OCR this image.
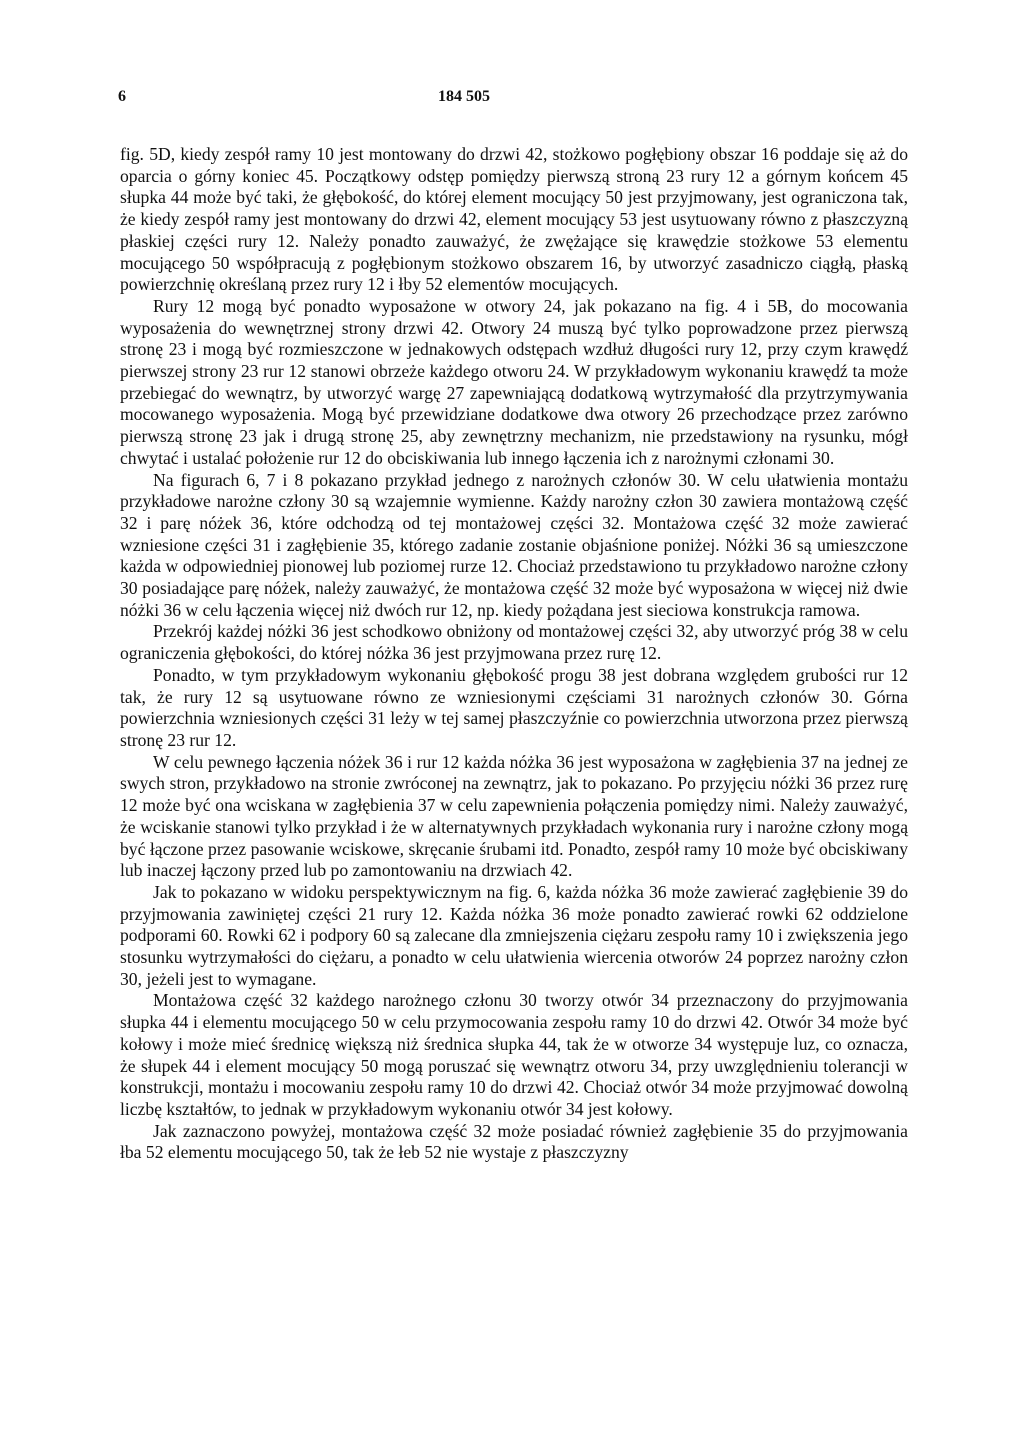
6	184 505

fig. 5D, kiedy zespół ramy 10 jest montowany do drzwi 42, stożkowo pogłębiony obszar 16 poddaje się aż do oparcia o górny koniec 45. Początkowy odstęp pomiędzy pierwszą stroną 23 rury 12 a górnym końcem 45 słupka 44 może być taki, że głębokość, do której element mocujący 50 jest przyjmowany, jest ograniczona tak, że kiedy zespół ramy jest montowany do drzwi 42, element mocujący 53 jest usytuowany równo z płaszczyzną płaskiej części rury 12. Należy ponadto zauważyć, że zwężające się krawędzie stożkowe 53 elementu mocującego 50 współpracują z pogłębionym stożkowo obszarem 16, by utworzyć zasadniczo ciągłą, płaską powierzchnię określaną przez rury 12 i łby 52 elementów mocujących.

Rury 12 mogą być ponadto wyposażone w otwory 24, jak pokazano na fig. 4 i 5B, do mocowania wyposażenia do wewnętrznej strony drzwi 42. Otwory 24 muszą być tylko poprowadzone przez pierwszą stronę 23 i mogą być rozmieszczone w jednakowych odstępach wzdłuż długości rury 12, przy czym krawędź pierwszej strony 23 rur 12 stanowi obrzeże każdego otworu 24. W przykładowym wykonaniu krawędź ta może przebiegać do wewnątrz, by utworzyć wargę 27 zapewniającą dodatkową wytrzymałość dla przytrzymywania mocowanego wyposażenia. Mogą być przewidziane dodatkowe dwa otwory 26 przechodzące przez zarówno pierwszą stronę 23 jak i drugą stronę 25, aby zewnętrzny mechanizm, nie przedstawiony na rysunku, mógł chwytać i ustalać położenie rur 12 do obciskiwania lub innego łączenia ich z narożnymi członami 30.

Na figurach 6, 7 i 8 pokazano przykład jednego z narożnych członów 30. W celu ułatwienia montażu przykładowe narożne człony 30 są wzajemnie wymienne. Każdy narożny człon 30 zawiera montażową część 32 i parę nóżek 36, które odchodzą od tej montażowej części 32. Montażowa część 32 może zawierać wzniesione części 31 i zagłębienie 35, którego zadanie zostanie objaśnione poniżej. Nóżki 36 są umieszczone każda w odpowiedniej pionowej lub poziomej rurze 12. Chociaż przedstawiono tu przykładowo narożne człony 30 posiadające parę nóżek, należy zauważyć, że montażowa część 32 może być wyposażona w więcej niż dwie nóżki 36 w celu łączenia więcej niż dwóch rur 12, np. kiedy pożądana jest sieciowa konstrukcja ramowa.

Przekrój każdej nóżki 36 jest schodkowo obniżony od montażowej części 32, aby utworzyć próg 38 w celu ograniczenia głębokości, do której nóżka 36 jest przyjmowana przez rurę 12.

Ponadto, w tym przykładowym wykonaniu głębokość progu 38 jest dobrana względem grubości rur 12 tak, że rury 12 są usytuowane równo ze wzniesionymi częściami 31 narożnych członów 30. Górna powierzchnia wzniesionych części 31 leży w tej samej płaszczyźnie co powierzchnia utworzona przez pierwszą stronę 23 rur 12.

W celu pewnego łączenia nóżek 36 i rur 12 każda nóżka 36 jest wyposażona w zagłębienia 37 na jednej ze swych stron, przykładowo na stronie zwróconej na zewnątrz, jak to pokazano. Po przyjęciu nóżki 36 przez rurę 12 może być ona wciskana w zagłębienia 37 w celu zapewnienia połączenia pomiędzy nimi. Należy zauważyć, że wciskanie stanowi tylko przykład i że w alternatywnych przykładach wykonania rury i narożne człony mogą być łączone przez pasowanie wciskowe, skręcanie śrubami itd. Ponadto, zespół ramy 10 może być obciskiwany lub inaczej łączony przed lub po zamontowaniu na drzwiach 42.

Jak to pokazano w widoku perspektywicznym na fig. 6, każda nóżka 36 może zawierać zagłębienie 39 do przyjmowania zawiniętej części 21 rury 12. Każda nóżka 36 może ponadto zawierać rowki 62 oddzielone podporami 60. Rowki 62 i podpory 60 są zalecane dla zmniejszenia ciężaru zespołu ramy 10 i zwiększenia jego stosunku wytrzymałości do ciężaru, a ponadto w celu ułatwienia wiercenia otworów 24 poprzez narożny człon 30, jeżeli jest to wymagane.

Montażowa część 32 każdego narożnego członu 30 tworzy otwór 34 przeznaczony do przyjmowania słupka 44 i elementu mocującego 50 w celu przymocowania zespołu ramy 10 do drzwi 42. Otwór 34 może być kołowy i może mieć średnicę większą niż średnica słupka 44, tak że w otworze 34 występuje luz, co oznacza, że słupek 44 i element mocujący 50 mogą poruszać się wewnątrz otworu 34, przy uwzględnieniu tolerancji w konstrukcji, montażu i mocowaniu zespołu ramy 10 do drzwi 42. Chociaż otwór 34 może przyjmować dowolną liczbę kształtów, to jednak w przykładowym wykonaniu otwór 34 jest kołowy.

Jak zaznaczono powyżej, montażowa część 32 może posiadać również zagłębienie 35 do przyjmowania łba 52 elementu mocującego 50, tak że łeb 52 nie wystaje z płaszczyzny
